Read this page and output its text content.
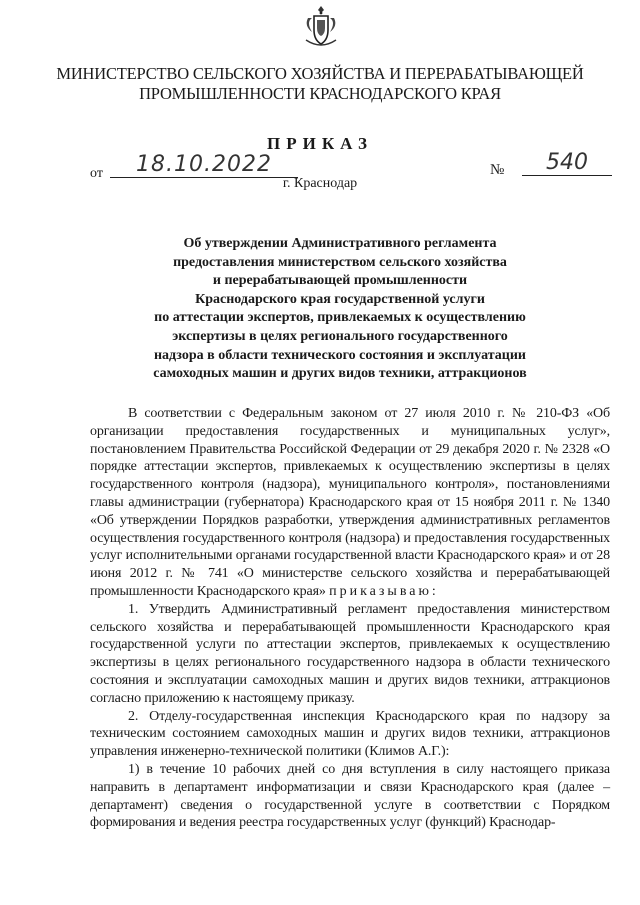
МИНИСТЕРСТВО СЕЛЬСКОГО ХОЗЯЙСТВА И ПЕРЕРАБАТЫВАЮЩЕЙ
ПРОМЫШЛЕННОСТИ КРАСНОДАРСКОГО КРАЯ
ПРИКАЗ
от	18.10.2022	№	540
г. Краснодар
Об утверждении Административного регламента
предоставления министерством сельского хозяйства
и перерабатывающей промышленности
Краснодарского края государственной услуги
по аттестации экспертов, привлекаемых к осуществлению
экспертизы в целях регионального государственного
надзора в области технического состояния и эксплуатации
самоходных машин и других видов техники, аттракционов

В соответствии с Федеральным законом от 27 июля 2010 г. № 210-ФЗ «Об организации предоставления государственных и муниципальных услуг», постановлением Правительства Российской Федерации от 29 декабря 2020 г. № 2328 «О порядке аттестации экспертов, привлекаемых к осуществлению экспертизы в целях государственного контроля (надзора), муниципального контроля», постановлениями главы администрации (губернатора) Краснодарского края от 15 ноября 2011 г. № 1340 «Об утверждении Порядков разработки, утверждения административных регламентов осуществления государственного контроля (надзора) и предоставления государственных услуг исполнительными органами государственной власти Краснодарского края» и от 28 июня 2012 г. № 741 «О министерстве сельского хозяйства и перерабатывающей промышленности Краснодарского края» приказываю:

1. Утвердить Административный регламент предоставления министерством сельского хозяйства и перерабатывающей промышленности Краснодарского края государственной услуги по аттестации экспертов, привлекаемых к осуществлению экспертизы в целях регионального государственного надзора в области технического состояния и эксплуатации самоходных машин и других видов техники, аттракционов согласно приложению к настоящему приказу.

2. Отделу-государственная инспекция Краснодарского края по надзору за техническим состоянием самоходных машин и других видов техники, аттракционов управления инженерно-технической политики (Климов А.Г.):

1) в течение 10 рабочих дней со дня вступления в силу настоящего приказа направить в департамент информатизации и связи Краснодарского края (далее – департамент) сведения о государственной услуге в соответствии с Порядком формирования и ведения реестра государственных услуг (функций) Краснодар-
